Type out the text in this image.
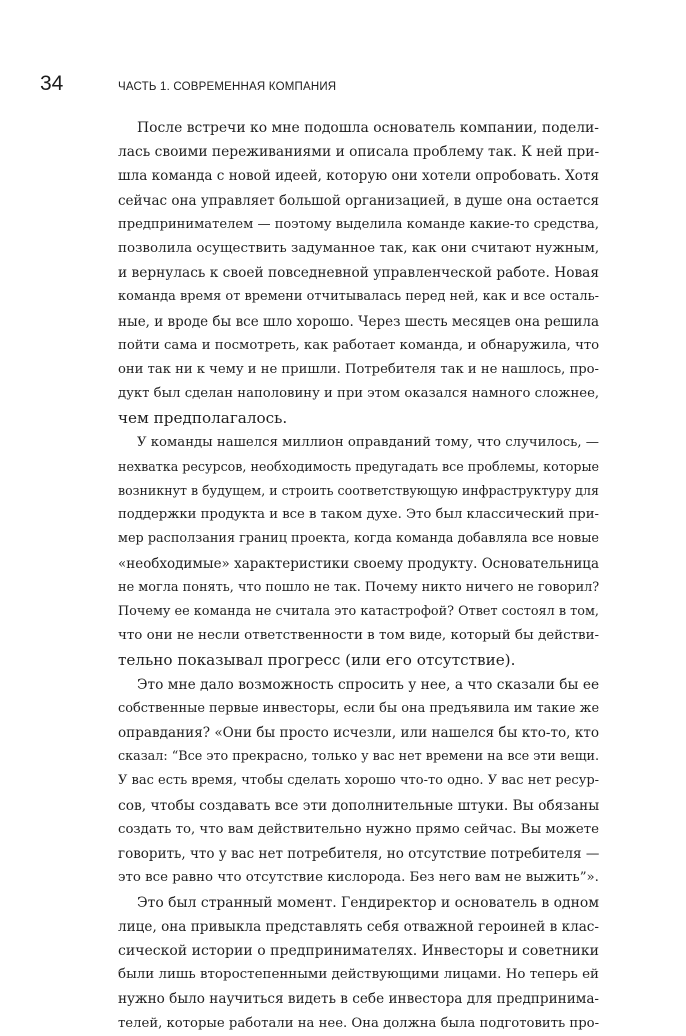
34	ЧАСТЬ 1. СОВРЕМЕННАЯ КОМПАНИЯ

После встречи ко мне подошла основатель компании, подели-
лась своими переживаниями и описала проблему так. К ней при-
шла команда с новой идеей, которую они хотели опробовать. Хотя
сейчас она управляет большой организацией, в душе она остается
предпринимателем — поэтому выделила команде какие-то средства,
позволила осуществить задуманное так, как они считают нужным,
и вернулась к своей повседневной управленческой работе. Новая
команда время от времени отчитывалась перед ней, как и все осталь-
ные, и вроде бы все шло хорошо. Через шесть месяцев она решила
пойти сама и посмотреть, как работает команда, и обнаружила, что
они так ни к чему и не пришли. Потребителя так и не нашлось, про-
дукт был сделан наполовину и при этом оказался намного сложнее,
чем предполагалось.

У команды нашелся миллион оправданий тому, что случилось, —
нехватка ресурсов, необходимость предугадать все проблемы, которые
возникнут в будущем, и строить соответствующую инфраструктуру для
поддержки продукта и все в таком духе. Это был классический при-
мер расползания границ проекта, когда команда добавляла все новые
«необходимые» характеристики своему продукту. Основательница
не могла понять, что пошло не так. Почему никто ничего не говорил?
Почему ее команда не считала это катастрофой? Ответ состоял в том,
что они не несли ответственности в том виде, который бы действи-
тельно показывал прогресс (или его отсутствие).

Это мне дало возможность спросить у нее, а что сказали бы ее
собственные первые инвесторы, если бы она предъявила им такие же
оправдания? «Они бы просто исчезли, или нашелся бы кто-то, кто
сказал: “Все это прекрасно, только у вас нет времени на все эти вещи.
У вас есть время, чтобы сделать хорошо что-то одно. У вас нет ресур-
сов, чтобы создавать все эти дополнительные штуки. Вы обязаны
создать то, что вам действительно нужно прямо сейчас. Вы можете
говорить, что у вас нет потребителя, но отсутствие потребителя —
это все равно что отсутствие кислорода. Без него вам не выжить”».

Это был странный момент. Гендиректор и основатель в одном
лице, она привыкла представлять себя отважной героиней в клас-
сической истории о предпринимателях. Инвесторы и советники
были лишь второстепенными действующими лицами. Но теперь ей
нужно было научиться видеть в себе инвестора для предпринима-
телей, которые работали на нее. Она должна была подготовить про-
